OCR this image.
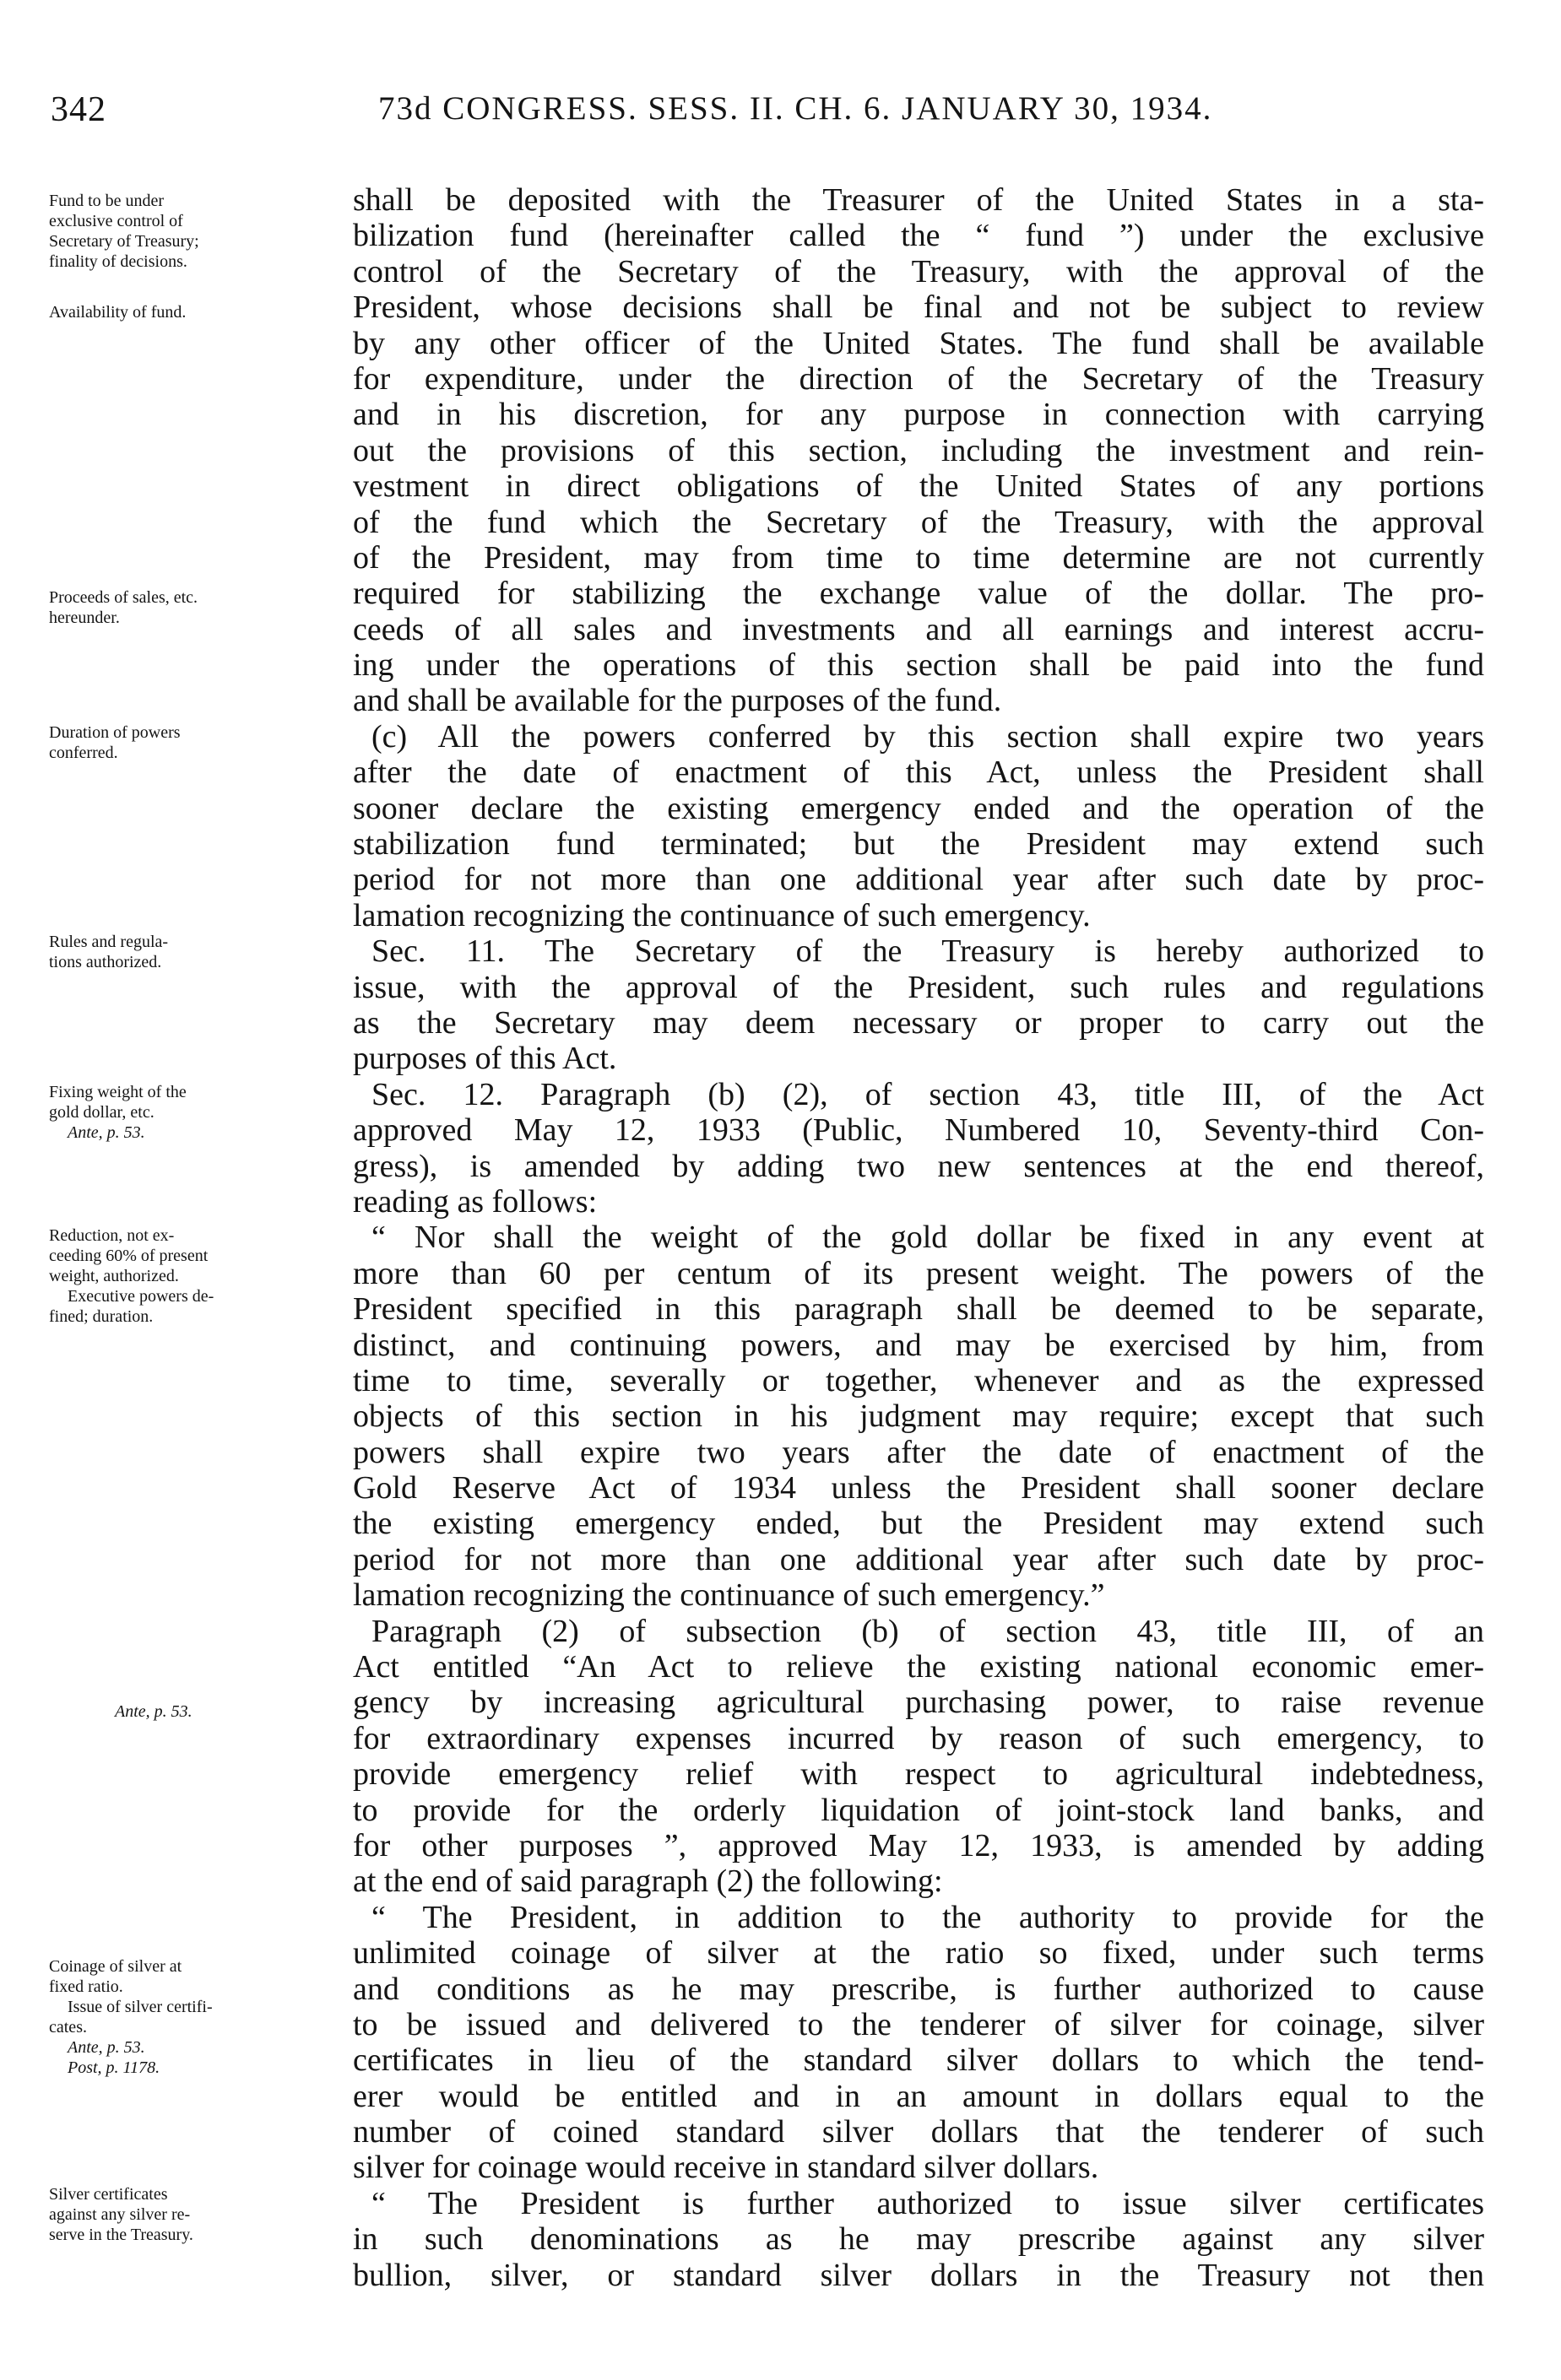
342	73d CONGRESS. SESS. II. CH. 6. JANUARY 30, 1934.
Fund to be under
exclusive control of
Secretary of Treasury;
finality of decisions.
Availability of fund.
Proceeds of sales, etc.
hereunder.
Duration of powers
conferred.
Rules and regula-
tions authorized.
Fixing weight of the
gold dollar, etc.
Ante, p. 53.
Reduction, not ex-
ceeding 60% of present
weight, authorized.
Executive powers de-
fined; duration.
Ante, p. 53.
Coinage of silver at
fixed ratio.
Issue of silver certifi-
cates.
Ante, p. 53.
Post, p. 1178.
Silver certificates
against any silver re-
serve in the Treasury.
shall be deposited with the Treasurer of the United States in a sta-
bilization fund (hereinafter called the “ fund ”) under the exclusive
control of the Secretary of the Treasury, with the approval of the
President, whose decisions shall be final and not be subject to review
by any other officer of the United States. The fund shall be available
for expenditure, under the direction of the Secretary of the Treasury
and in his discretion, for any purpose in connection with carrying
out the provisions of this section, including the investment and rein-
vestment in direct obligations of the United States of any portions
of the fund which the Secretary of the Treasury, with the approval
of the President, may from time to time determine are not currently
required for stabilizing the exchange value of the dollar. The pro-
ceeds of all sales and investments and all earnings and interest accru-
ing under the operations of this section shall be paid into the fund
and shall be available for the purposes of the fund.
(c) All the powers conferred by this section shall expire two years
after the date of enactment of this Act, unless the President shall
sooner declare the existing emergency ended and the operation of the
stabilization fund terminated; but the President may extend such
period for not more than one additional year after such date by proc-
lamation recognizing the continuance of such emergency.
Sec. 11. The Secretary of the Treasury is hereby authorized to
issue, with the approval of the President, such rules and regulations
as the Secretary may deem necessary or proper to carry out the
purposes of this Act.
Sec. 12. Paragraph (b) (2), of section 43, title III, of the Act
approved May 12, 1933 (Public, Numbered 10, Seventy-third Con-
gress), is amended by adding two new sentences at the end thereof,
reading as follows:
“ Nor shall the weight of the gold dollar be fixed in any event at
more than 60 per centum of its present weight. The powers of the
President specified in this paragraph shall be deemed to be separate,
distinct, and continuing powers, and may be exercised by him, from
time to time, severally or together, whenever and as the expressed
objects of this section in his judgment may require; except that such
powers shall expire two years after the date of enactment of the
Gold Reserve Act of 1934 unless the President shall sooner declare
the existing emergency ended, but the President may extend such
period for not more than one additional year after such date by proc-
lamation recognizing the continuance of such emergency.”
Paragraph (2) of subsection (b) of section 43, title III, of an
Act entitled “An Act to relieve the existing national economic emer-
gency by increasing agricultural purchasing power, to raise revenue
for extraordinary expenses incurred by reason of such emergency, to
provide emergency relief with respect to agricultural indebtedness,
to provide for the orderly liquidation of joint-stock land banks, and
for other purposes ”, approved May 12, 1933, is amended by adding
at the end of said paragraph (2) the following:
“ The President, in addition to the authority to provide for the
unlimited coinage of silver at the ratio so fixed, under such terms
and conditions as he may prescribe, is further authorized to cause
to be issued and delivered to the tenderer of silver for coinage, silver
certificates in lieu of the standard silver dollars to which the tend-
erer would be entitled and in an amount in dollars equal to the
number of coined standard silver dollars that the tenderer of such
silver for coinage would receive in standard silver dollars.
“ The President is further authorized to issue silver certificates
in such denominations as he may prescribe against any silver
bullion, silver, or standard silver dollars in the Treasury not then
